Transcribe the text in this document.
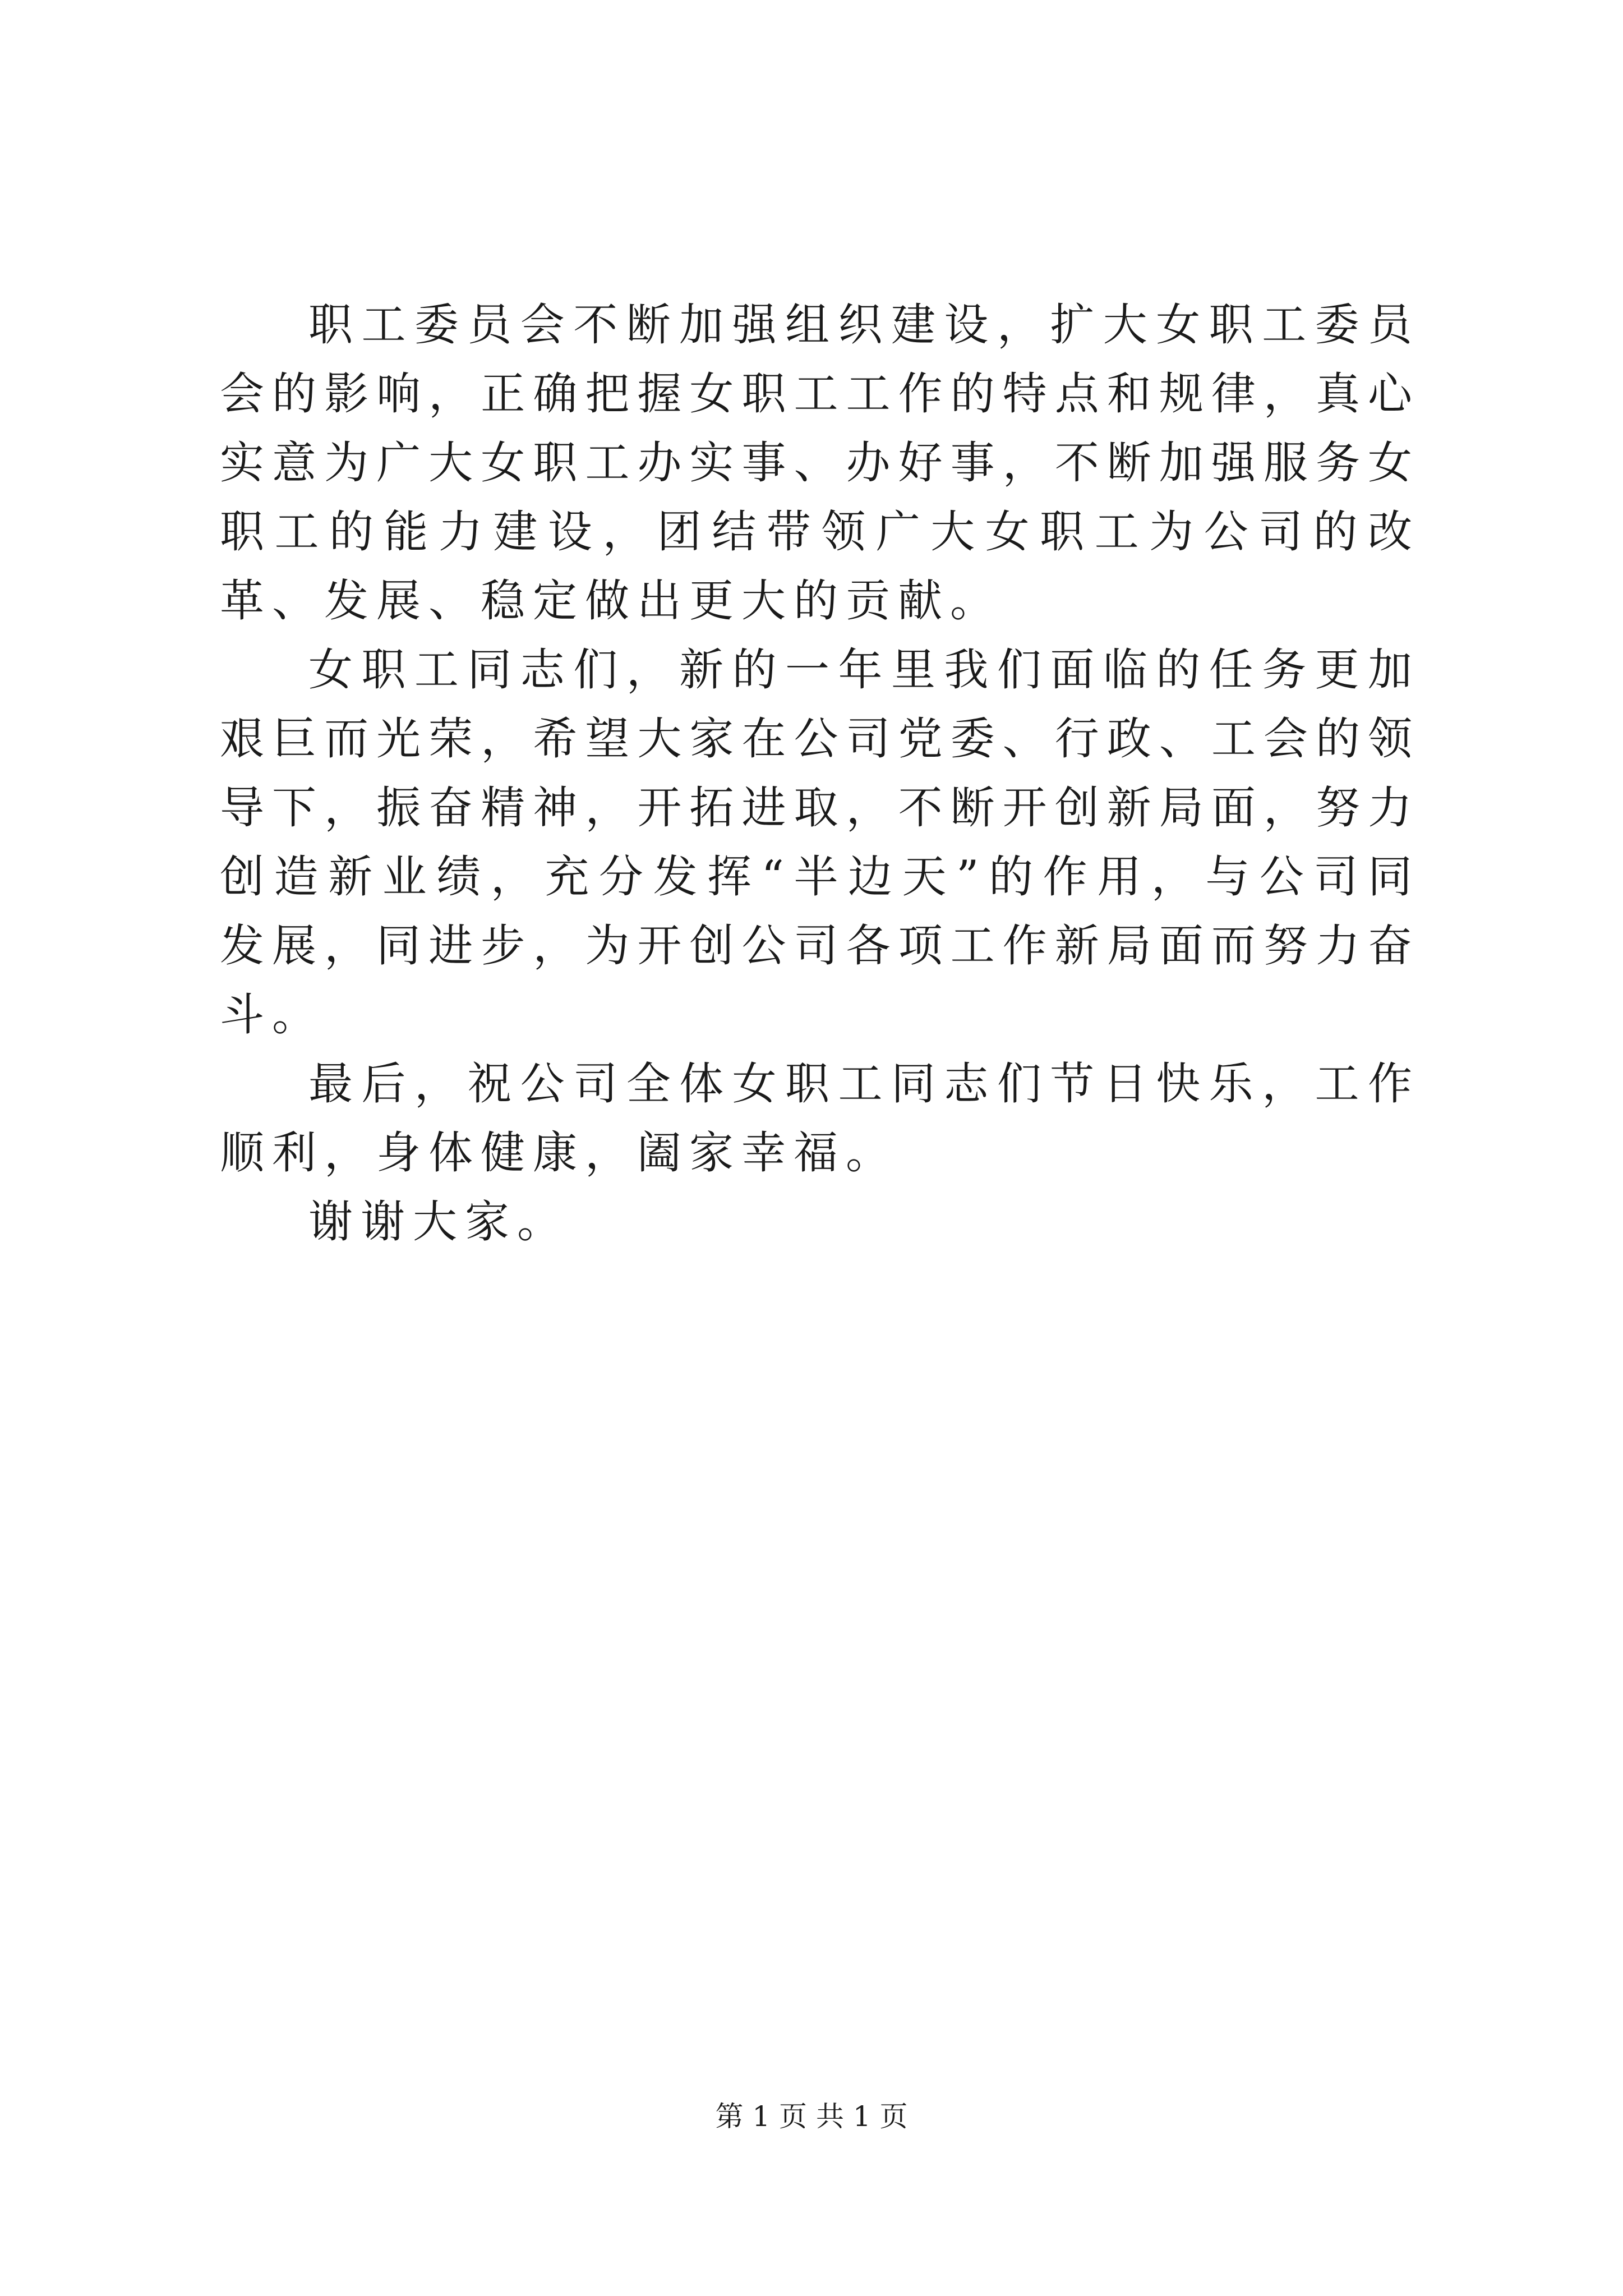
职工委员会不断加强组织建设，扩大女职工委员会的影响，正确把握女职工工作的特点和规律，真心实意为广大女职工办实事、办好事，不断加强服务女职工的能力建设，团结带领广大女职工为公司的改革、发展、稳定做出更大的贡献。

女职工同志们，新的一年里我们面临的任务更加艰巨而光荣，希望大家在公司党委、行政、工会的领导下，振奋精神，开拓进取，不断开创新局面，努力创造新业绩，充分发挥“半边天”的作用，与公司同发展，同进步，为开创公司各项工作新局面而努力奋斗。

最后，祝公司全体女职工同志们节日快乐，工作顺利，身体健康，阖家幸福。

谢谢大家。

第 1 页 共 1 页
